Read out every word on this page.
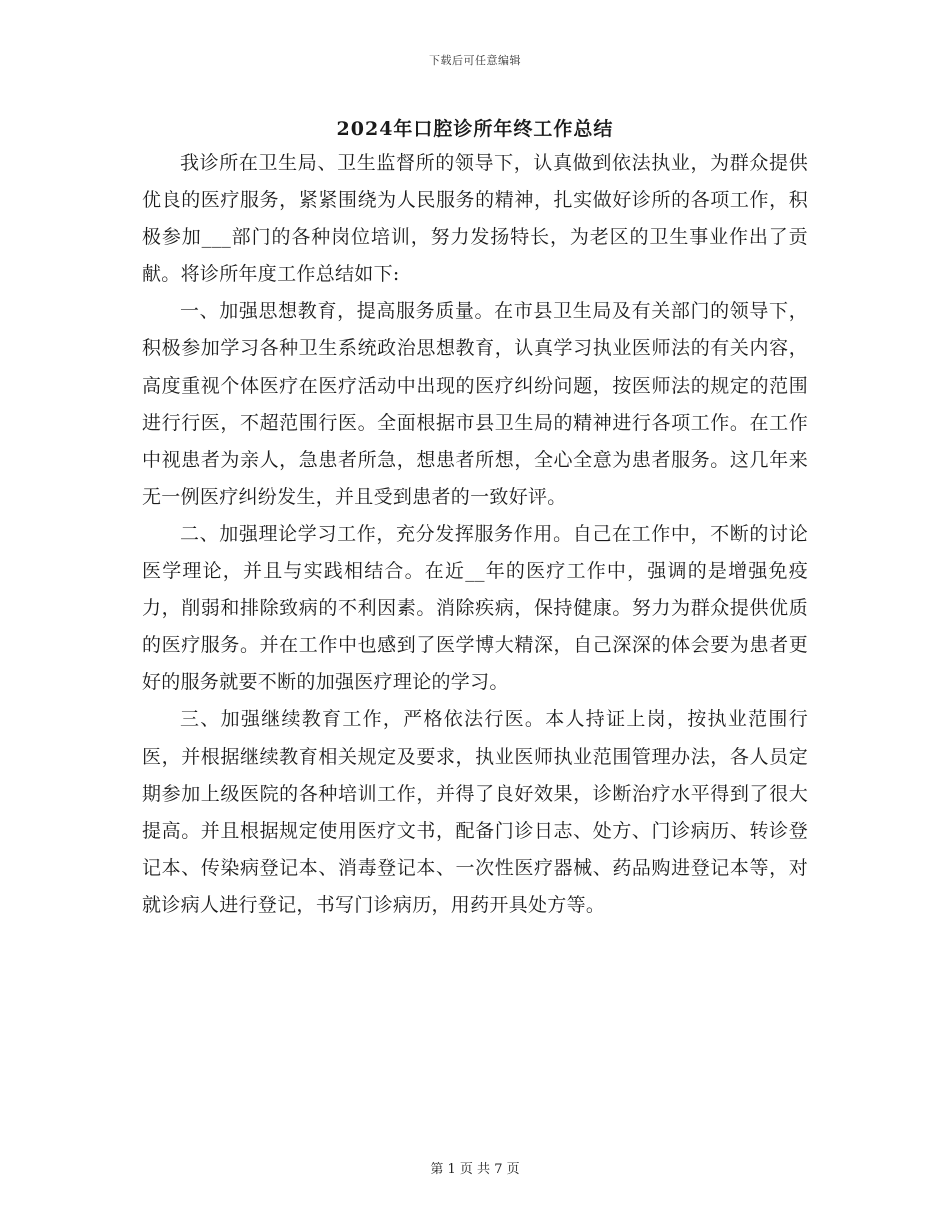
下载后可任意编辑
2024年口腔诊所年终工作总结

我诊所在卫生局、卫生监督所的领导下，认真做到依法执业，为群众提供优良的医疗服务，紧紧围绕为人民服务的精神，扎实做好诊所的各项工作，积极参加___部门的各种岗位培训，努力发扬特长，为老区的卫生事业作出了贡献。将诊所年度工作总结如下:

一、加强思想教育，提高服务质量。在市县卫生局及有关部门的领导下，积极参加学习各种卫生系统政治思想教育，认真学习执业医师法的有关内容，高度重视个体医疗在医疗活动中出现的医疗纠纷问题，按医师法的规定的范围进行行医，不超范围行医。全面根据市县卫生局的精神进行各项工作。在工作中视患者为亲人，急患者所急，想患者所想，全心全意为患者服务。这几年来无一例医疗纠纷发生，并且受到患者的一致好评。

二、加强理论学习工作，充分发挥服务作用。自己在工作中，不断的讨论医学理论，并且与实践相结合。在近__年的医疗工作中，强调的是增强免疫力，削弱和排除致病的不利因素。消除疾病，保持健康。努力为群众提供优质的医疗服务。并在工作中也感到了医学博大精深，自己深深的体会要为患者更好的服务就要不断的加强医疗理论的学习。

三、加强继续教育工作，严格依法行医。本人持证上岗，按执业范围行医，并根据继续教育相关规定及要求，执业医师执业范围管理办法，各人员定期参加上级医院的各种培训工作，并得了良好效果，诊断治疗水平得到了很大提高。并且根据规定使用医疗文书，配备门诊日志、处方、门诊病历、转诊登记本、传染病登记本、消毒登记本、一次性医疗器械、药品购进登记本等，对就诊病人进行登记，书写门诊病历，用药开具处方等。

第 1 页 共 7 页
